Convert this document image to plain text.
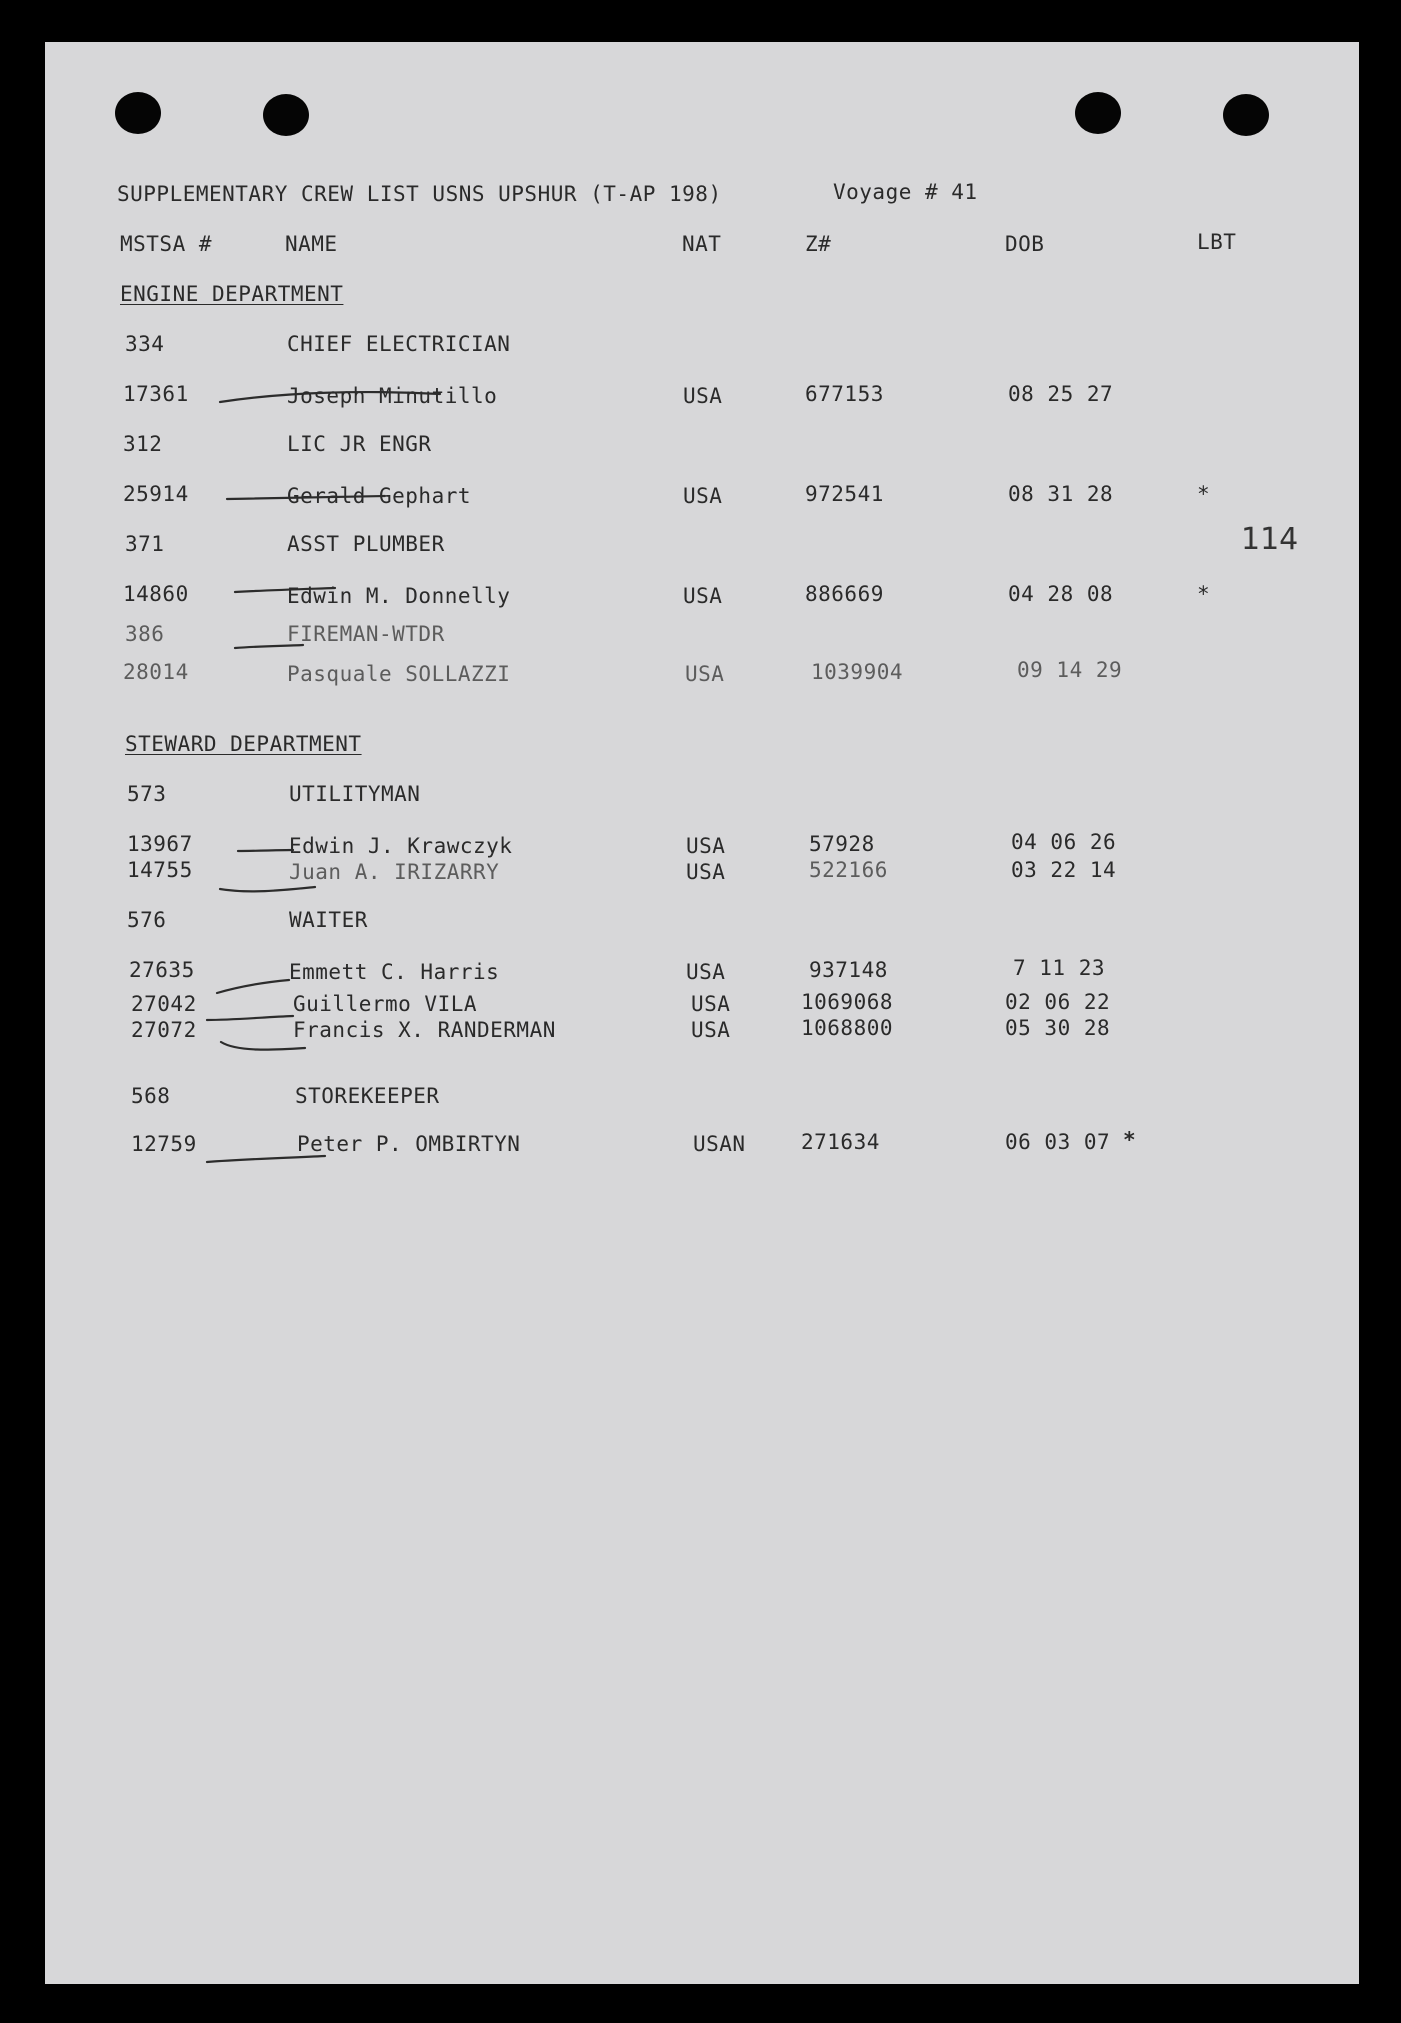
SUPPLEMENTARY CREW LIST USNS UPSHUR (T-AP 198)	Voyage # 41
MSTSA #	NAME	NAT	Z#	DOB	LBT
114
ENGINE DEPARTMENT
334	CHIEF ELECTRICIAN
17361	Joseph Minutillo	USA	677153	08 25 27
312	LIC JR ENGR
25914	Gerald Gephart	USA	972541	08 31 28	*
371	ASST PLUMBER
14860	Edwin M. Donnelly	USA	886669	04 28 08	*
386	FIREMAN-WTDR
28014	Pasquale SOLLAZZI	USA	1039904	09 14 29
STEWARD DEPARTMENT
573	UTILITYMAN
13967	Edwin J. Krawczyk	USA	57928	04 06 26
14755	Juan A. IRIZARRY	USA	522166	03 22 14
576	WAITER
27635	Emmett C. Harris	USA	937148	7 11 23
27042	Guillermo VILA	USA	1069068	02 06 22
27072	Francis X. RANDERMAN	USA	1068800	05 30 28
568	STOREKEEPER
12759	Peter P. OMBIRTYN	USAN	271634	06 03 07 *
